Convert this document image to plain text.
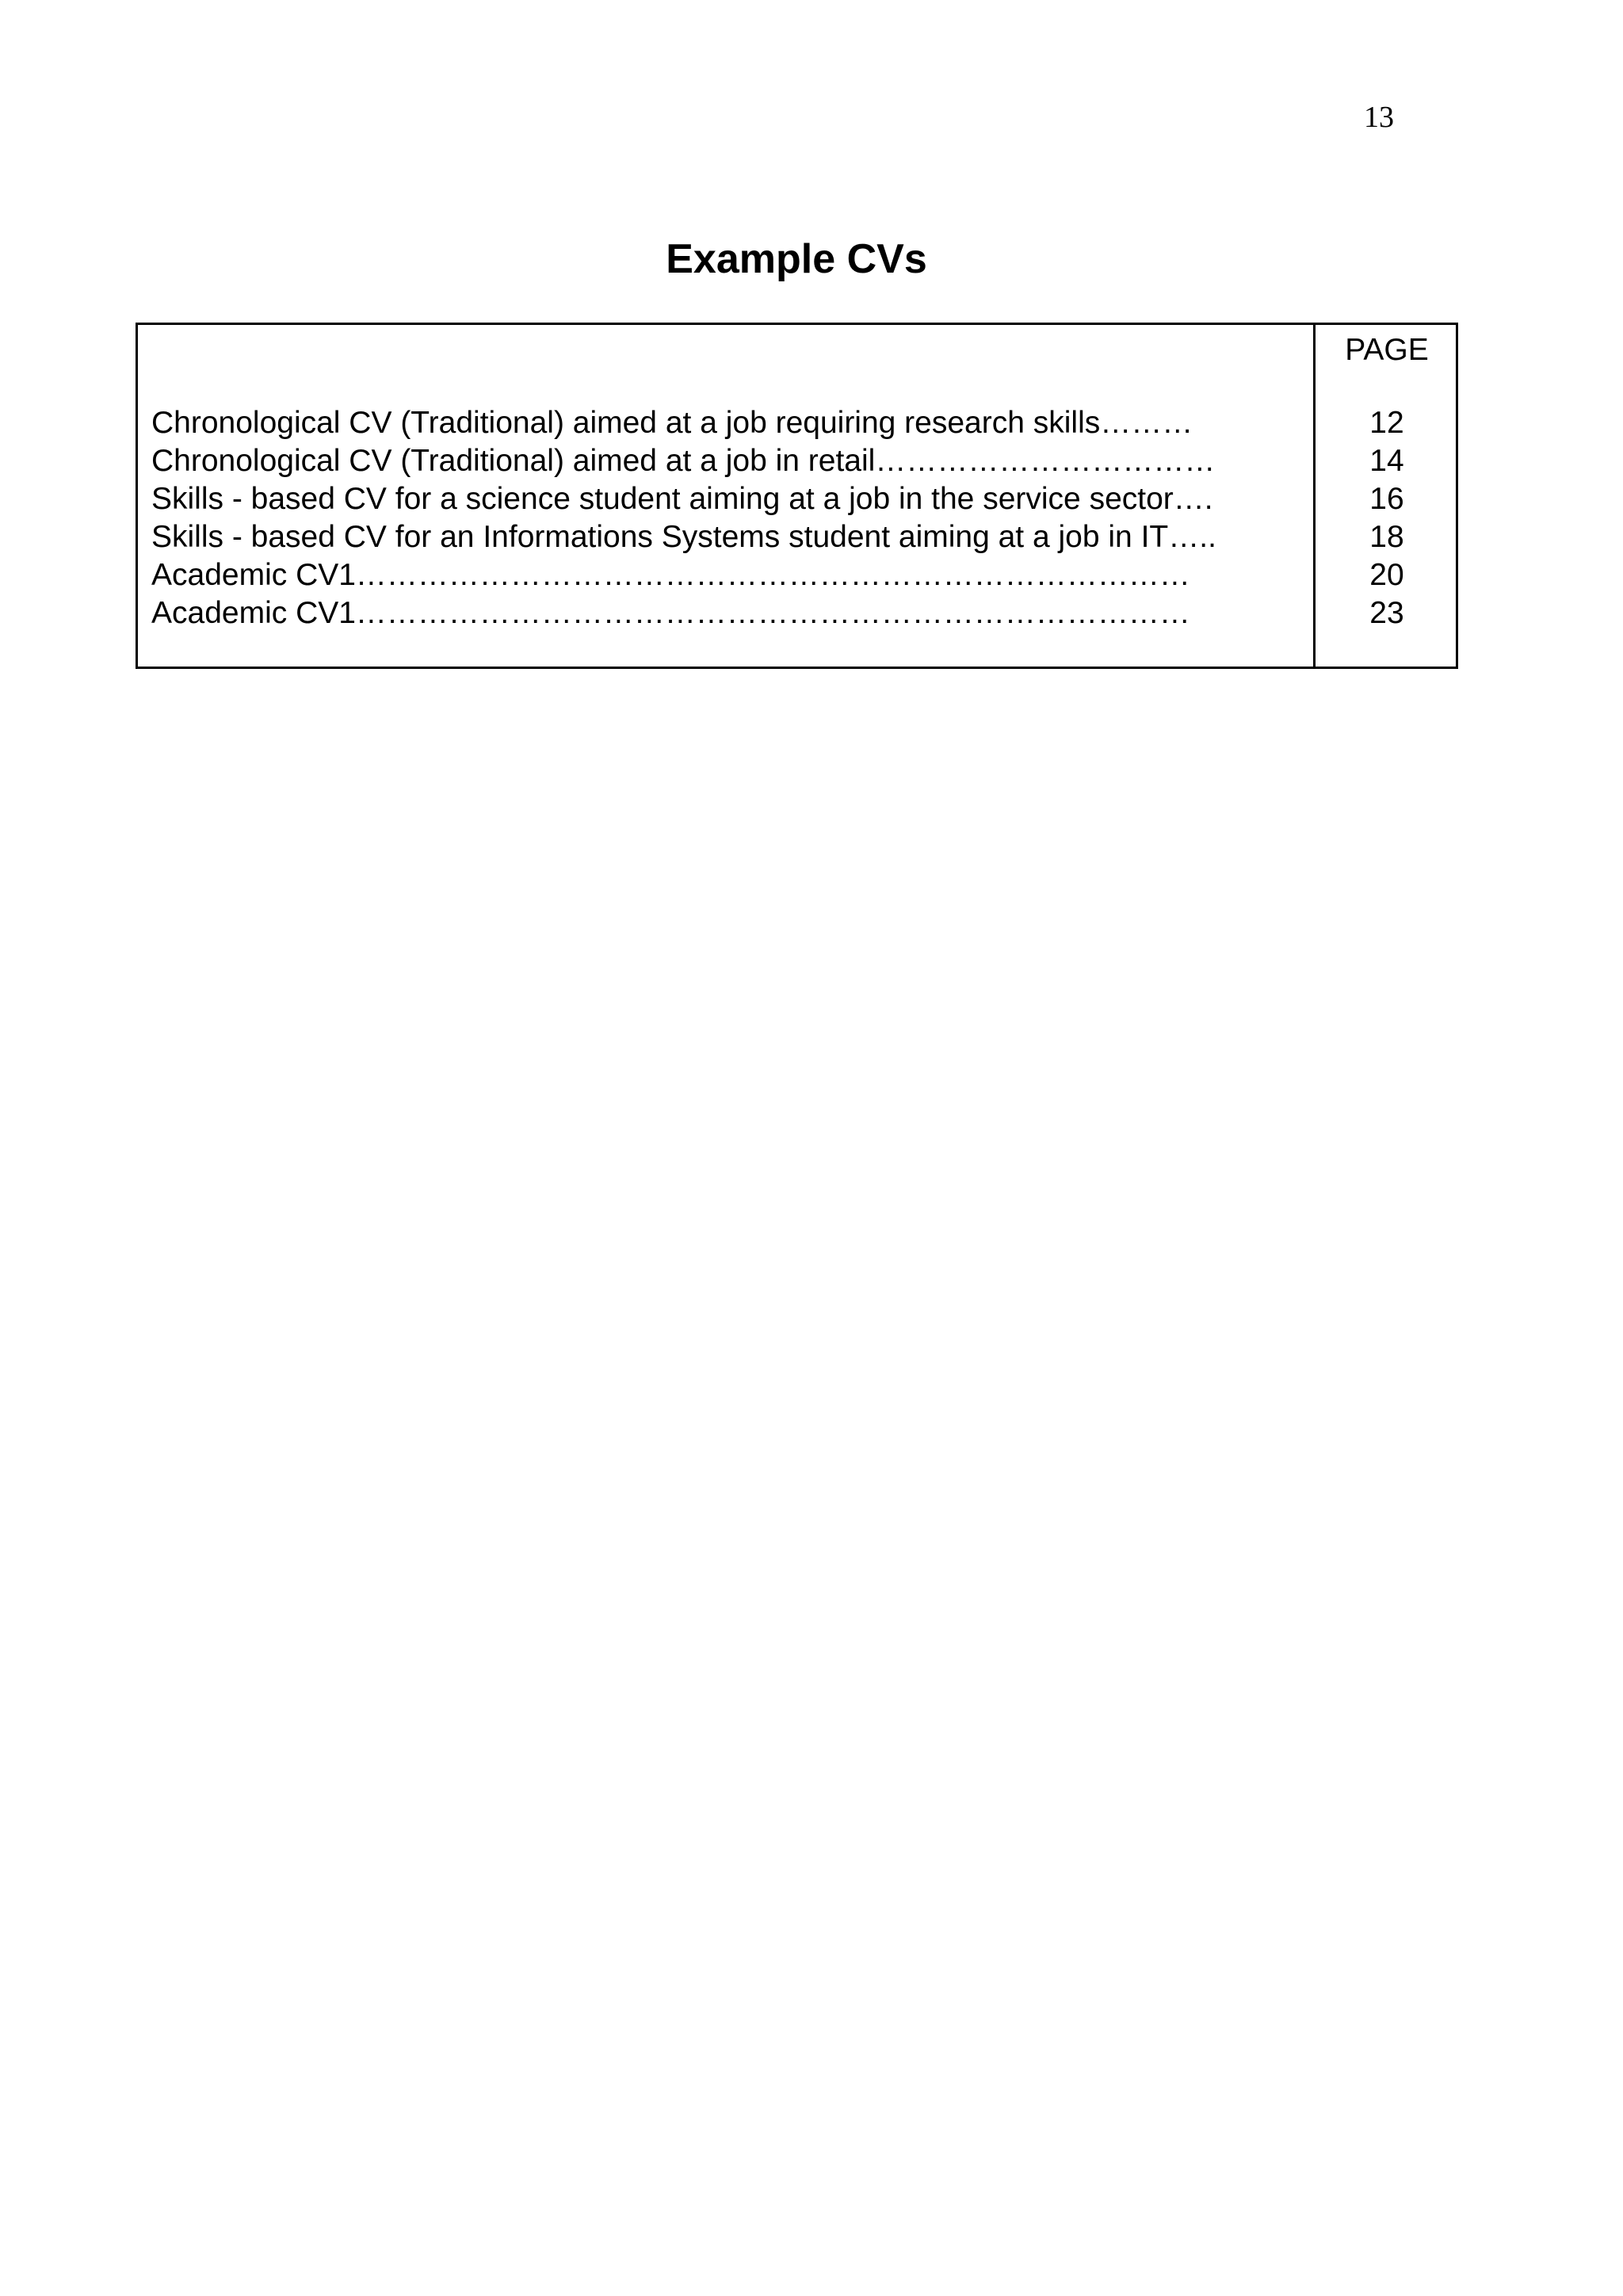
13
Example CVs
PAGE
Chronological CV (Traditional) aimed at a job requiring research skills………
Chronological CV (Traditional) aimed at a job in retail……………………………
Skills - based CV for a science student aiming at a job in the service sector….
Skills - based CV for an Informations Systems student aiming at a job in IT…..
Academic CV1………………………………………………………………………
Academic CV1………………………………………………………………………
12
14
16
18
20
23
